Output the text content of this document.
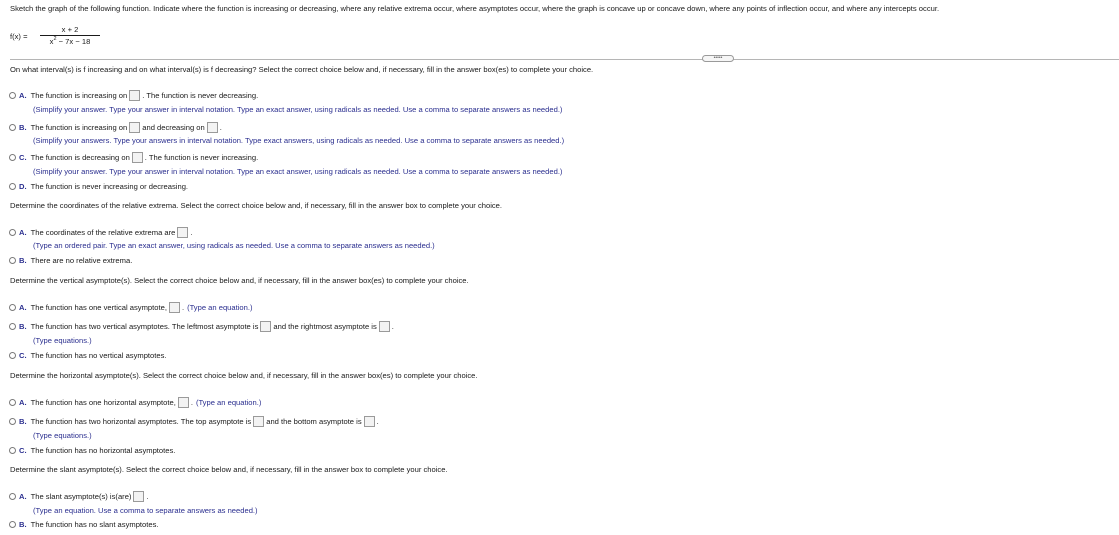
Sketch the graph of the following function. Indicate where the function is increasing or decreasing, where any relative extrema occur, where asymptotes occur, where the graph is concave up or concave down, where any points of inflection occur, and where any intercepts occur.
$f(x) = \frac{x + 2}{x^2 - 7x - 18}$
•••••
On what interval(s) is f increasing and on what interval(s) is f decreasing? Select the correct choice below and, if necessary, fill in the answer box(es) to complete your choice.
A. The function is increasing on . The function is never decreasing.
(Simplify your answer. Type your answer in interval notation. Type an exact answer, using radicals as needed. Use a comma to separate answers as needed.)
B. The function is increasing on and decreasing on .
(Simplify your answers. Type your answers in interval notation. Type exact answers, using radicals as needed. Use a comma to separate answers as needed.)
C. The function is decreasing on . The function is never increasing.
(Simplify your answer. Type your answer in interval notation. Type an exact answer, using radicals as needed. Use a comma to separate answers as needed.)
D. The function is never increasing or decreasing.
Determine the coordinates of the relative extrema. Select the correct choice below and, if necessary, fill in the answer box to complete your choice.
A. The coordinates of the relative extrema are .
(Type an ordered pair. Type an exact answer, using radicals as needed. Use a comma to separate answers as needed.)
B. There are no relative extrema.
Determine the vertical asymptote(s). Select the correct choice below and, if necessary, fill in the answer box(es) to complete your choice.
A. The function has one vertical asymptote, . (Type an equation.)
B. The function has two vertical asymptotes. The leftmost asymptote is and the rightmost asymptote is .
(Type equations.)
C. The function has no vertical asymptotes.
Determine the horizontal asymptote(s). Select the correct choice below and, if necessary, fill in the answer box(es) to complete your choice.
A. The function has one horizontal asymptote, . (Type an equation.)
B. The function has two horizontal asymptotes. The top asymptote is and the bottom asymptote is .
(Type equations.)
C. The function has no horizontal asymptotes.
Determine the slant asymptote(s). Select the correct choice below and, if necessary, fill in the answer box to complete your choice.
A. The slant asymptote(s) is(are) .
(Type an equation. Use a comma to separate answers as needed.)
B. The function has no slant asymptotes.
